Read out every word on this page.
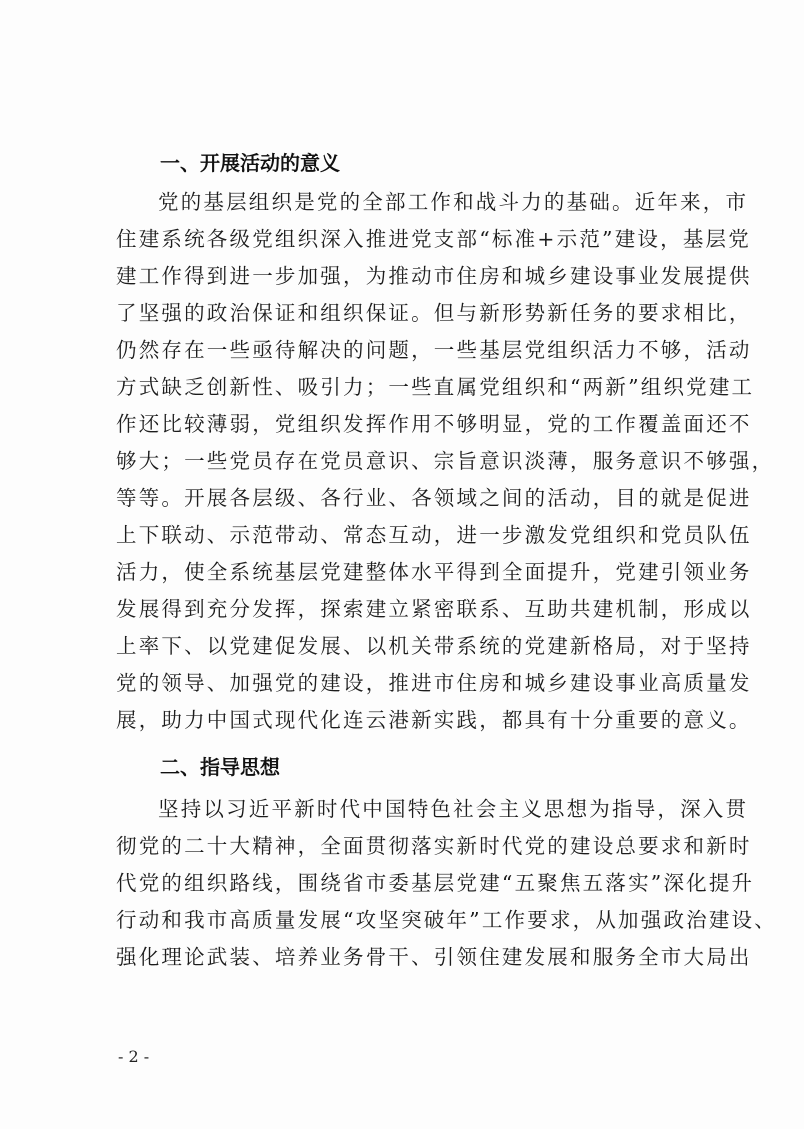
一、开展活动的意义
党的基层组织是党的全部工作和战斗力的基础。近年来，市
住建系统各级党组织深入推进党支部“标准+示范”建设，基层党
建工作得到进一步加强，为推动市住房和城乡建设事业发展提供
了坚强的政治保证和组织保证。但与新形势新任务的要求相比，
仍然存在一些亟待解决的问题，一些基层党组织活力不够，活动
方式缺乏创新性、吸引力；一些直属党组织和“两新”组织党建工
作还比较薄弱，党组织发挥作用不够明显，党的工作覆盖面还不
够大；一些党员存在党员意识、宗旨意识淡薄，服务意识不够强，
等等。开展各层级、各行业、各领域之间的活动，目的就是促进
上下联动、示范带动、常态互动，进一步激发党组织和党员队伍
活力，使全系统基层党建整体水平得到全面提升，党建引领业务
发展得到充分发挥，探索建立紧密联系、互助共建机制，形成以
上率下、以党建促发展、以机关带系统的党建新格局，对于坚持
党的领导、加强党的建设，推进市住房和城乡建设事业高质量发
展，助力中国式现代化连云港新实践，都具有十分重要的意义。
二、指导思想
坚持以习近平新时代中国特色社会主义思想为指导，深入贯
彻党的二十大精神，全面贯彻落实新时代党的建设总要求和新时
代党的组织路线，围绕省市委基层党建“五聚焦五落实”深化提升
行动和我市高质量发展“攻坚突破年”工作要求，从加强政治建设、
强化理论武装、培养业务骨干、引领住建发展和服务全市大局出
- 2 -
